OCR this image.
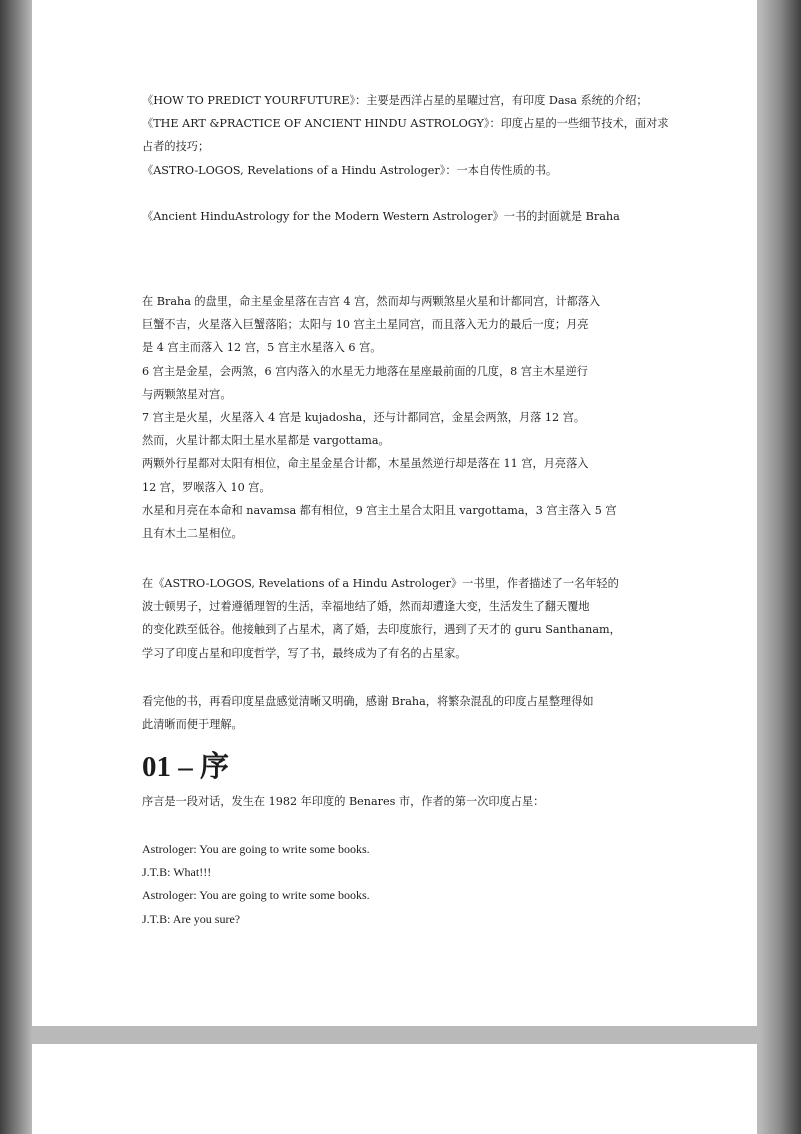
《HOW TO PREDICT YOURFUTURE》：主要是西洋占星的星曜过宫，有印度 Dasa 系统的介绍；

《THE ART &PRACTICE OF ANCIENT HINDU ASTROLOGY》：印度占星的一些细节技术，面对求

占者的技巧；

《ASTRO-LOGOS, Revelations of a Hindu Astrologer》：一本自传性质的书。

《Ancient HinduAstrology for the Modern Western Astrologer》一书的封面就是 Braha

在 Braha 的盘里，命主星金星落在吉宫 4 宫，然而却与两颗煞星火星和计都同宫，计都落入

巨蟹不吉，火星落入巨蟹落陷；太阳与 10 宫主土星同宫，而且落入无力的最后一度；月亮

是 4 宫主而落入 12 宫，5 宫主水星落入 6 宫。

6 宫主是金星，会两煞，6 宫内落入的水星无力地落在星座最前面的几度，8 宫主木星逆行

与两颗煞星对宫。

7 宫主是火星，火星落入 4 宫是 kujadosha，还与计都同宫，金星会两煞，月落 12 宫。

然而，火星计都太阳土星水星都是 vargottama。

两颗外行星都对太阳有相位，命主星金星合计都，木星虽然逆行却是落在 11 宫，月亮落入

12 宫，罗喉落入 10 宫。

水星和月亮在本命和 navamsa 都有相位，9 宫主土星合太阳且 vargottama，3 宫主落入 5 宫

且有木土二星相位。

在《ASTRO-LOGOS, Revelations of a Hindu Astrologer》一书里，作者描述了一名年轻的

波士顿男子，过着遵循理智的生活，幸福地结了婚，然而却遭逢大变，生活发生了翻天覆地

的变化跌至低谷。他接触到了占星术，离了婚，去印度旅行，遇到了天才的 guru Santhanam，

学习了印度占星和印度哲学，写了书，最终成为了有名的占星家。

看完他的书，再看印度星盘感觉清晰又明确，感谢 Braha，将繁杂混乱的印度占星整理得如

此清晰而便于理解。

01 – 序

序言是一段对话，发生在 1982 年印度的 Benares 市，作者的第一次印度占星：

Astrologer: You are going to write some books.

J.T.B: What!!!

Astrologer: You are going to write some books.

J.T.B: Are you sure?
